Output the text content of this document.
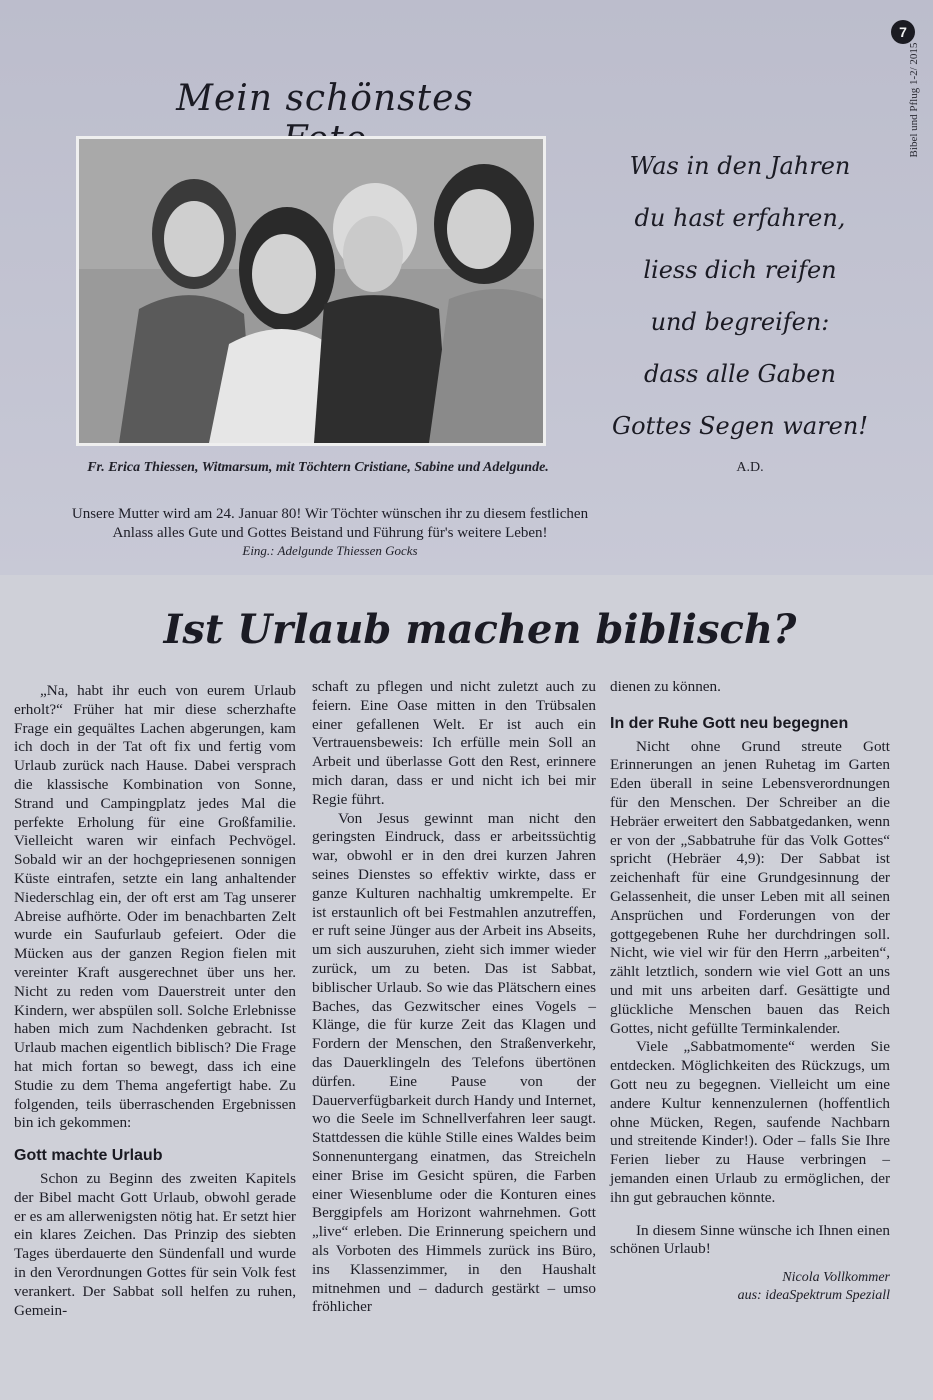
7
Bibel und Pflug 1-2/ 2015
Mein schönstes
Fr. Erica Thiessen, Witmarsum, mit Töchtern Cristiane, Sabine und Adelgunde.
Was in den Jahren
du hast erfahren,
liess dich reifen
und begreifen:
dass alle Gaben
Gottes Segen waren!
A.D.
Unsere Mutter wird am 24. Januar 80! Wir Töchter wünschen ihr zu diesem festlichen
Anlass alles Gute und Gottes Beistand und Führung für's weitere Leben!
Eing.: Adelgunde Thiessen Gocks
Ist Urlaub machen biblisch?

„Na, habt ihr euch von eurem Urlaub erholt?“ Früher hat mir diese scherzhafte Frage ein gequältes Lachen abgerungen, kam ich doch in der Tat oft fix und fertig vom Urlaub zurück nach Hause. Dabei versprach die klassische Kombination von Sonne, Strand und Campingplatz jedes Mal die perfekte Erholung für eine Großfamilie. Vielleicht waren wir einfach Pechvögel. Sobald wir an der hochgepriesenen sonnigen Küste eintrafen, setzte ein lang anhaltender Niederschlag ein, der oft erst am Tag unserer Abreise aufhörte. Oder im benachbarten Zelt wurde ein Saufurlaub gefeiert. Oder die Mücken aus der ganzen Region fielen mit vereinter Kraft ausgerechnet über uns her. Nicht zu reden vom Dauerstreit unter den Kindern, wer abspülen soll. Solche Erlebnisse haben mich zum Nachdenken gebracht. Ist Urlaub machen eigentlich biblisch? Die Frage hat mich fortan so bewegt, dass ich eine Studie zu dem Thema angefertigt habe. Zu folgenden, teils überraschenden Ergebnissen bin ich gekommen:

Gott machte Urlaub

Schon zu Beginn des zweiten Kapitels der Bibel macht Gott Urlaub, obwohl gerade er es am allerwenigsten nötig hat. Er setzt hier ein klares Zeichen. Das Prinzip des siebten Tages überdauerte den Sündenfall und wurde in den Verordnungen Gottes für sein Volk fest verankert. Der Sabbat soll helfen zu ruhen, Gemein-

schaft zu pflegen und nicht zuletzt auch zu feiern. Eine Oase mitten in den Trübsalen einer gefallenen Welt. Er ist auch ein Vertrauensbeweis: Ich erfülle mein Soll an Arbeit und überlasse Gott den Rest, erinnere mich daran, dass er und nicht ich bei mir Regie führt.

Von Jesus gewinnt man nicht den geringsten Eindruck, dass er arbeitssüchtig war, obwohl er in den drei kurzen Jahren seines Dienstes so effektiv wirkte, dass er ganze Kulturen nachhaltig umkrempelte. Er ist erstaunlich oft bei Festmahlen anzutreffen, er ruft seine Jünger aus der Arbeit ins Abseits, um sich auszuruhen, zieht sich immer wieder zurück, um zu beten. Das ist Sabbat, biblischer Urlaub. So wie das Plätschern eines Baches, das Gezwitscher eines Vogels – Klänge, die für kurze Zeit das Klagen und Fordern der Menschen, den Straßenverkehr, das Dauerklingeln des Telefons übertönen dürfen. Eine Pause von der Dauerverfügbarkeit durch Handy und Internet, wo die Seele im Schnellverfahren leer saugt. Stattdessen die kühle Stille eines Waldes beim Sonnenuntergang einatmen, das Streicheln einer Brise im Gesicht spüren, die Farben einer Wiesenblume oder die Konturen eines Berggipfels am Horizont wahrnehmen. Gott „live“ erleben. Die Erinnerung speichern und als Vorboten des Himmels zurück ins Büro, ins Klassenzimmer, in den Haushalt mitnehmen und – dadurch gestärkt – umso fröhlicher

dienen zu können.

In der Ruhe Gott neu begegnen

Nicht ohne Grund streute Gott Erinnerungen an jenen Ruhetag im Garten Eden überall in seine Lebensverordnungen für den Menschen. Der Schreiber an die Hebräer erweitert den Sabbatgedanken, wenn er von der „Sabbatruhe für das Volk Gottes“ spricht (Hebräer 4,9): Der Sabbat ist zeichenhaft für eine Grundgesinnung der Gelassenheit, die unser Leben mit all seinen Ansprüchen und Forderungen von der gottgegebenen Ruhe her durchdringen soll. Nicht, wie viel wir für den Herrn „arbeiten“, zählt letztlich, sondern wie viel Gott an uns und mit uns arbeiten darf. Gesättigte und glückliche Menschen bauen das Reich Gottes, nicht gefüllte Terminkalender.

Viele „Sabbatmomente“ werden Sie entdecken. Möglichkeiten des Rückzugs, um Gott neu zu begegnen. Vielleicht um eine andere Kultur kennenzulernen (hoffentlich ohne Mücken, Regen, saufende Nachbarn und streitende Kinder!). Oder – falls Sie Ihre Ferien lieber zu Hause verbringen – jemanden einen Urlaub zu ermöglichen, der ihn gut gebrauchen könnte.

In diesem Sinne wünsche ich Ihnen einen schönen Urlaub!

Nicola Vollkommer
aus: ideaSpektrum Speziall
